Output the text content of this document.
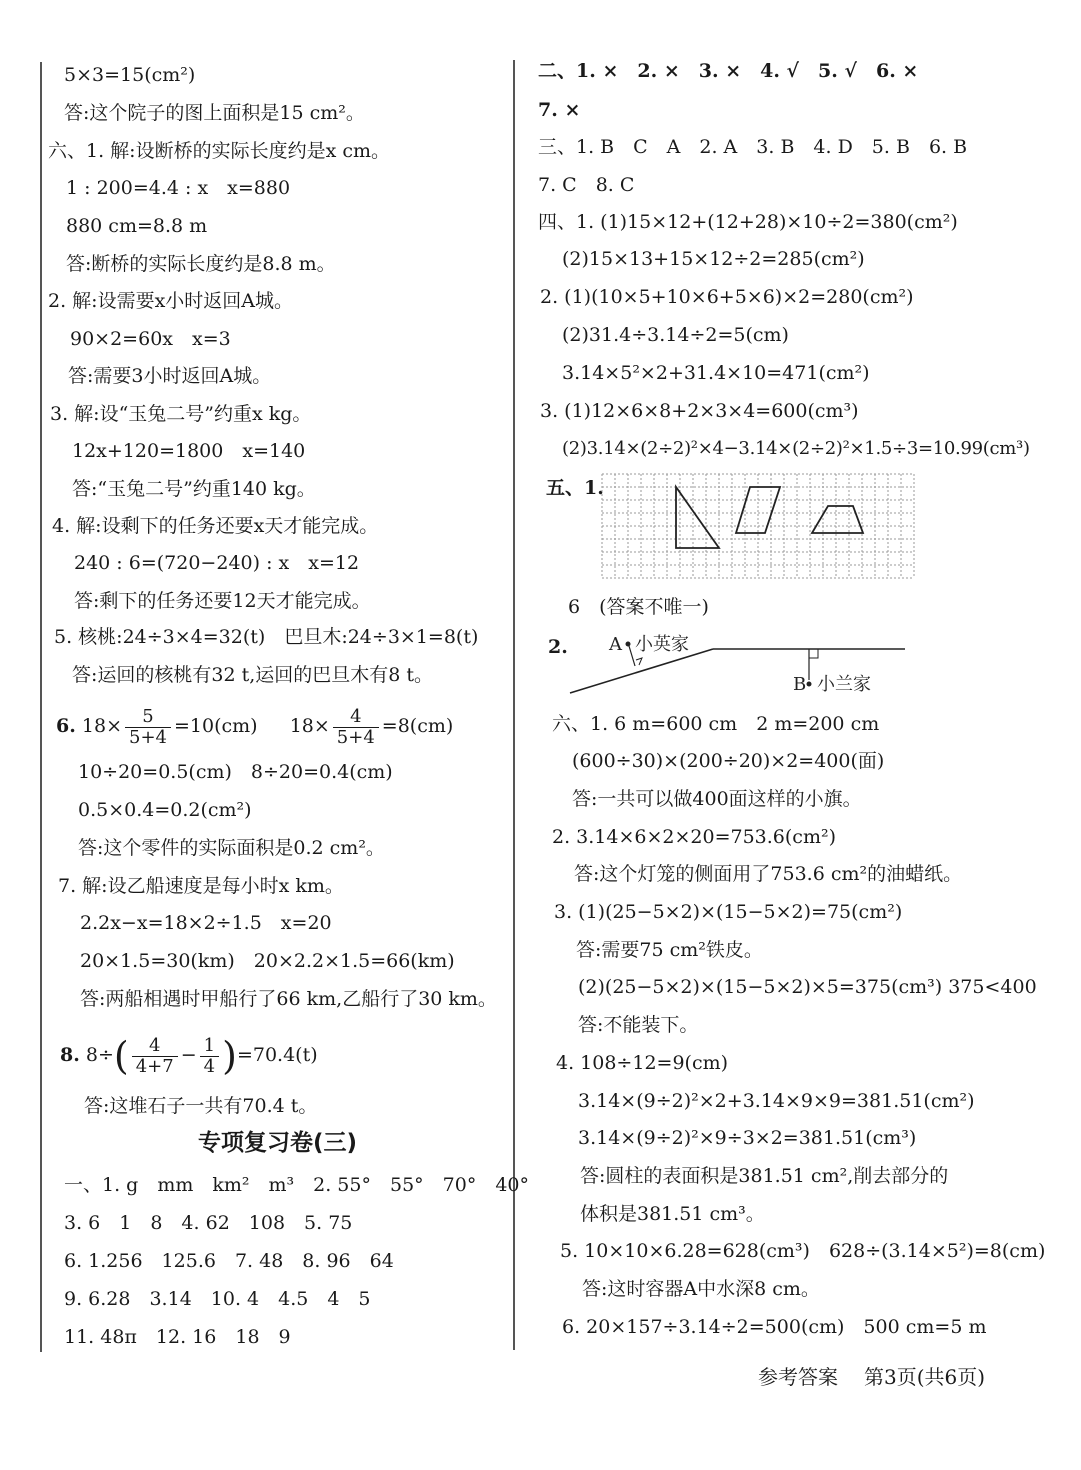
5×3=15(cm²)
答:这个院子的图上面积是15 cm²。
六、1. 解:设断桥的实际长度约是x cm。
1 : 200=4.4 : x　x=880
880 cm=8.8 m
答:断桥的实际长度约是8.8 m。
2. 解:设需要x小时返回A城。
90×2=60x　x=3
答:需要3小时返回A城。
3. 解:设“玉兔二号”约重x kg。
12x+120=1800　x=140
答:“玉兔二号”约重140 kg。
4. 解:设剩下的任务还要x天才能完成。
240 : 6=(720−240) : x　x=12
答:剩下的任务还要12天才能完成。
5. 核桃:24÷3×4=32(t)　巴旦木:24÷3×1=8(t)
答:运回的核桃有32 t,运回的巴旦木有8 t。
6. $18\times \frac{5}{5+4} =10(cm)$ $18\times \frac{4}{5+4} =8(cm)$
10÷20=0.5(cm)　8÷20=0.4(cm)
0.5×0.4=0.2(cm²)
答:这个零件的实际面积是0.2 cm²。
7. 解:设乙船速度是每小时x km。
2.2x−x=18×2÷1.5　x=20
20×1.5=30(km)　20×2.2×1.5=66(km)
答:两船相遇时甲船行了66 km,乙船行了30 km。
8. $8\div( \frac{4}{4+7} - \frac{1}{4} )=70.4(t)$
答:这堆石子一共有70.4 t。
专项复习卷(三)
一、1. g　mm　km²　m³　2. 55°　55°　70°　40°
3. 6　1　8　4. 62　108　5. 75
6. 1.256　125.6　7. 48　8. 96　64
9. 6.28　3.14　10. 4　4.5　4　5
11. 48π　12. 16　18　9
二、1. ×　2. ×　3. ×　4. √　5. √　6. ×
7. ×
三、1. B　C　A　2. A　3. B　4. D　5. B　6. B
7. C　8. C
四、1. (1)15×12+(12+28)×10÷2=380(cm²)
(2)15×13+15×12÷2=285(cm²)
2. (1)(10×5+10×6+5×6)×2=280(cm²)
(2)31.4÷3.14÷2=5(cm)
3.14×5²×2+31.4×10=471(cm²)
3. (1)12×6×8+2×3×4=600(cm³)
(2)3.14×(2÷2)²×4−3.14×(2÷2)²×1.5÷3=10.99(cm³)
五、1.
6　(答案不唯一)
2. A 小英家
B 小兰家
六、1. 6 m=600 cm　2 m=200 cm
(600÷30)×(200÷20)×2=400(面)
答:一共可以做400面这样的小旗。
2. 3.14×6×2×20=753.6(cm²)
答:这个灯笼的侧面用了753.6 cm²的油蜡纸。
3. (1)(25−5×2)×(15−5×2)=75(cm²)
答:需要75 cm²铁皮。
(2)(25−5×2)×(15−5×2)×5=375(cm³) 375<400
答:不能装下。
4. 108÷12=9(cm)
3.14×(9÷2)²×2+3.14×9×9=381.51(cm²)
3.14×(9÷2)²×9÷3×2=381.51(cm³)
答:圆柱的表面积是381.51 cm²,削去部分的
体积是381.51 cm³。
5. 10×10×6.28=628(cm³)　628÷(3.14×5²)=8(cm)
答:这时容器A中水深8 cm。
6. 20×157÷3.14÷2=500(cm)　500 cm=5 m
参考答案 第3页(共6页)
